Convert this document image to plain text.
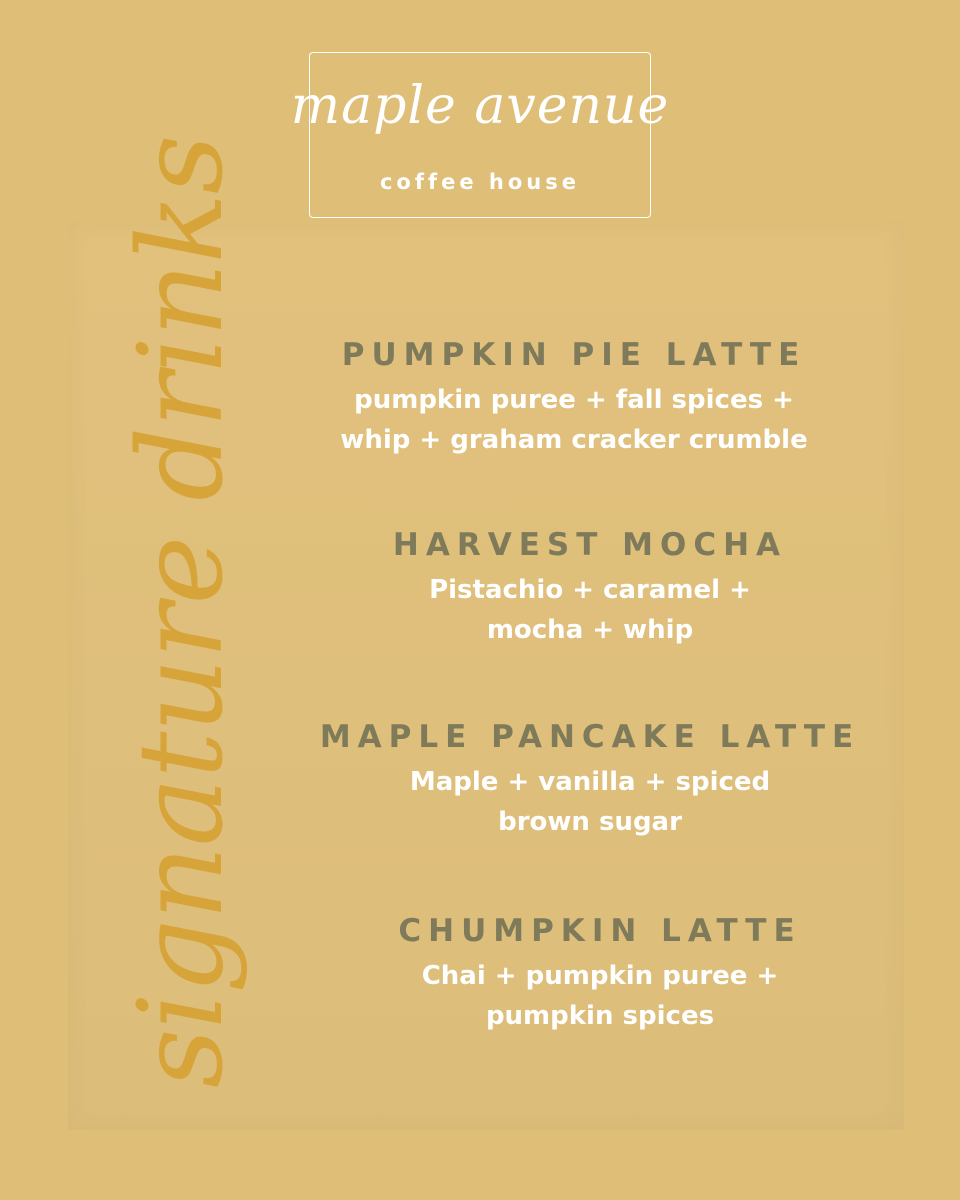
maple avenue
coffee house
signature drinks	PUMPKIN PIE LATTE
pumpkin puree + fall spices +
whip + graham cracker crumble
HARVEST MOCHA
Pistachio + caramel +
mocha + whip
MAPLE PANCAKE LATTE
Maple + vanilla + spiced
brown sugar
CHUMPKIN LATTE
Chai + pumpkin puree +
pumpkin spices
